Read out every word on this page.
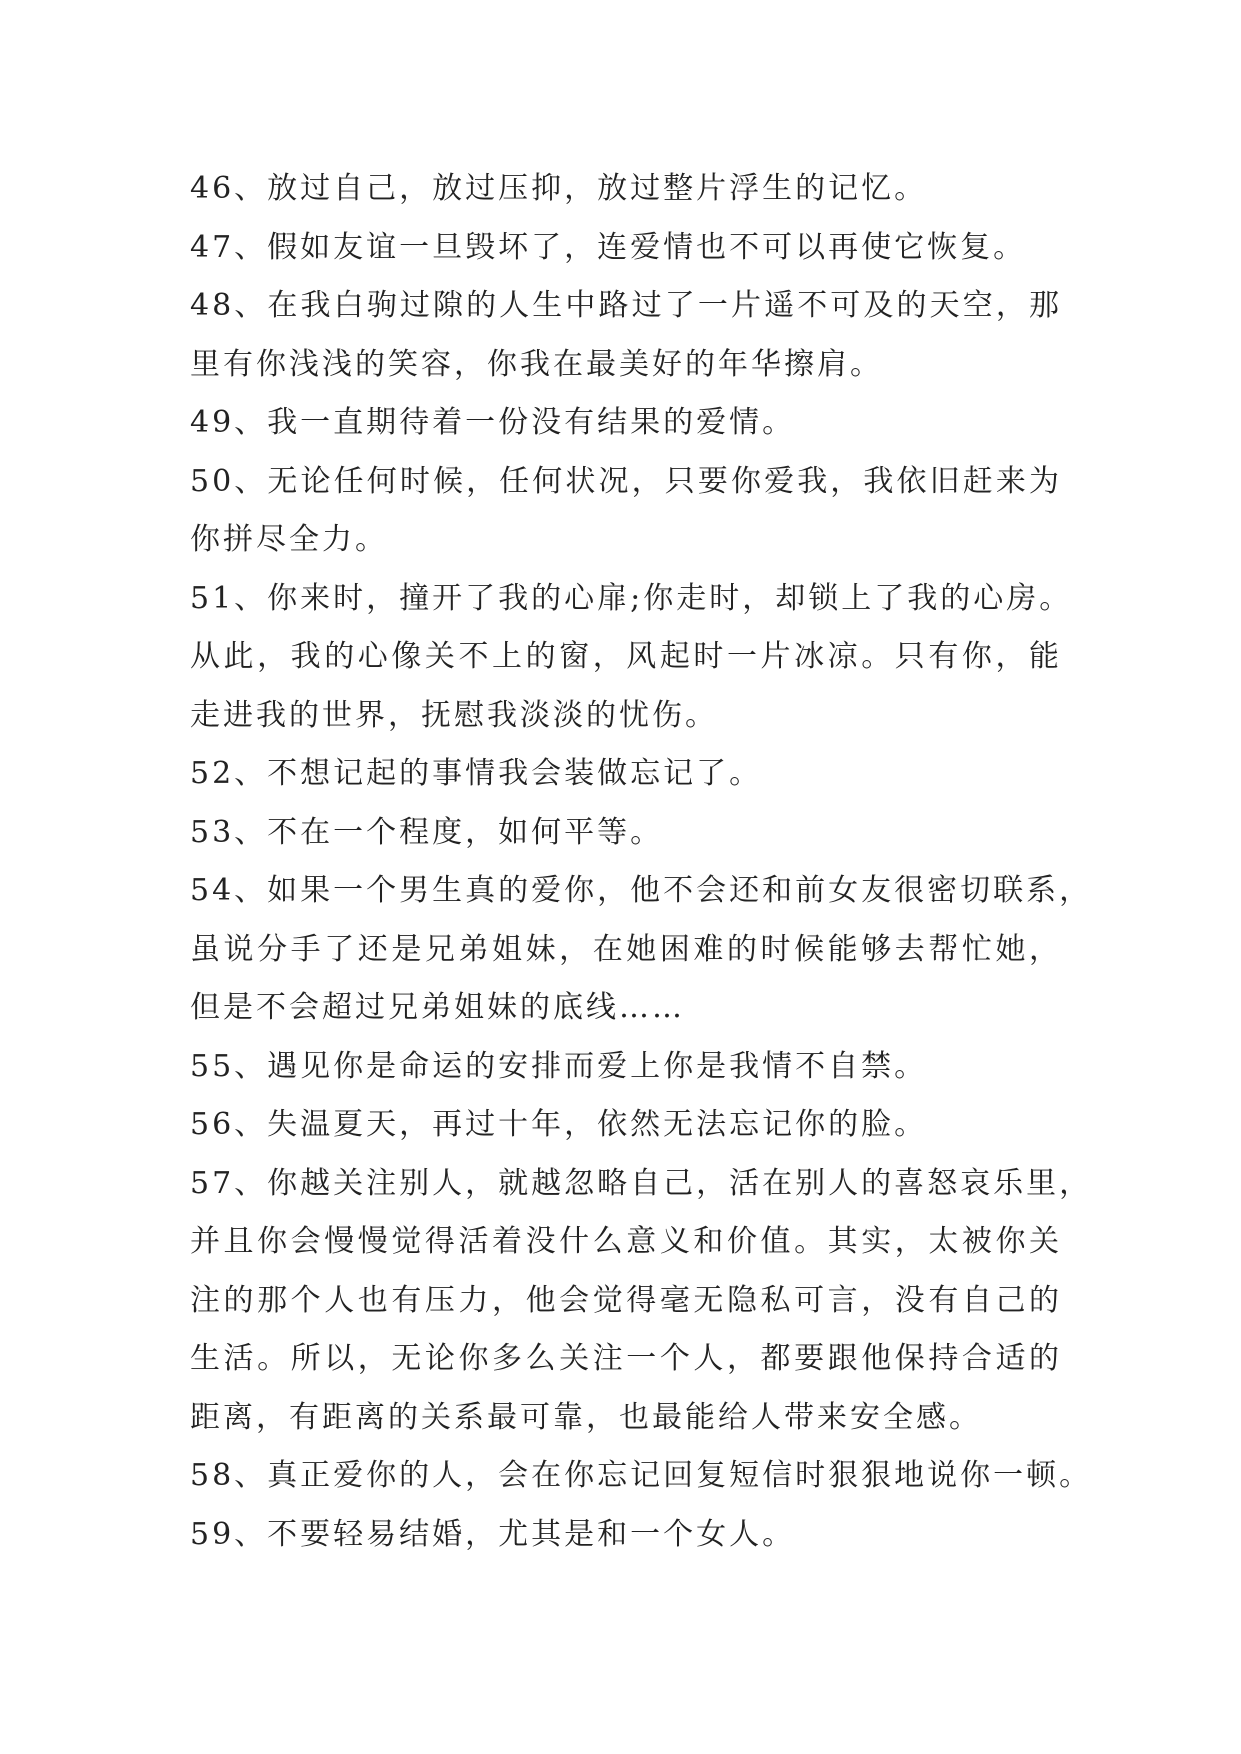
46、放过自己，放过压抑，放过整片浮生的记忆。
47、假如友谊一旦毁坏了，连爱情也不可以再使它恢复。
48、在我白驹过隙的人生中路过了一片遥不可及的天空，那
里有你浅浅的笑容，你我在最美好的年华擦肩。
49、我一直期待着一份没有结果的爱情。
50、无论任何时候，任何状况，只要你爱我，我依旧赶来为
你拼尽全力。
51、你来时，撞开了我的心扉;你走时，却锁上了我的心房。
从此，我的心像关不上的窗，风起时一片冰凉。只有你，能
走进我的世界，抚慰我淡淡的忧伤。
52、不想记起的事情我会装做忘记了。
53、不在一个程度，如何平等。
54、如果一个男生真的爱你，他不会还和前女友很密切联系，
虽说分手了还是兄弟姐妹，在她困难的时候能够去帮忙她，
但是不会超过兄弟姐妹的底线……
55、遇见你是命运的安排而爱上你是我情不自禁。
56、失温夏天，再过十年，依然无法忘记你的脸。
57、你越关注别人，就越忽略自己，活在别人的喜怒哀乐里，
并且你会慢慢觉得活着没什么意义和价值。其实，太被你关
注的那个人也有压力，他会觉得毫无隐私可言，没有自己的
生活。所以，无论你多么关注一个人，都要跟他保持合适的
距离，有距离的关系最可靠，也最能给人带来安全感。
58、真正爱你的人，会在你忘记回复短信时狠狠地说你一顿。
59、不要轻易结婚，尤其是和一个女人。
